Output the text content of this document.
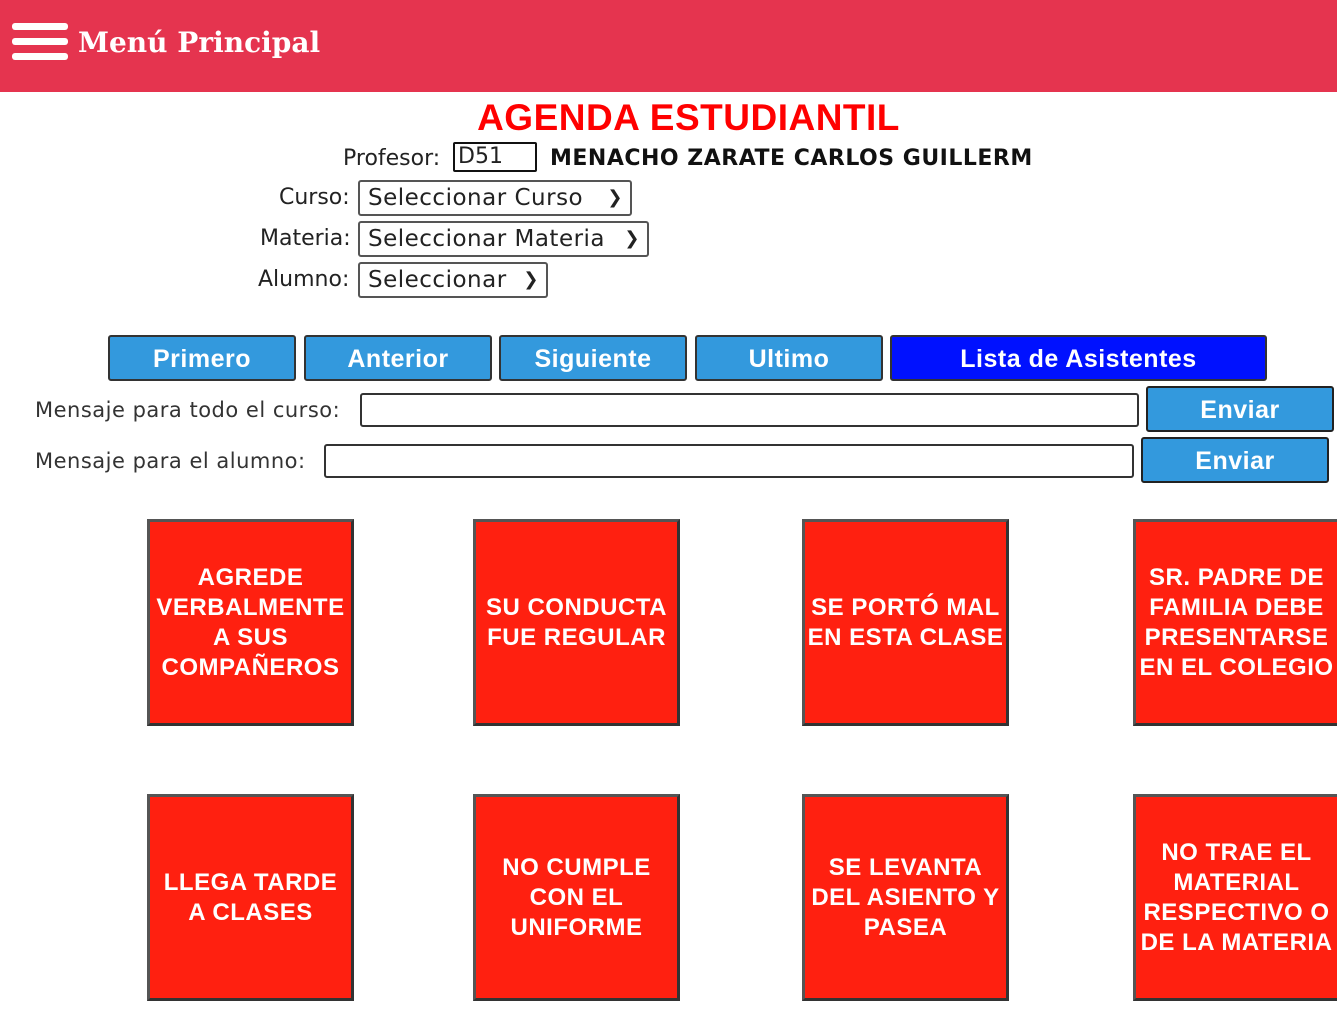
Menú Principal
AGENDA ESTUDIANTIL
Profesor: D51	MENACHO ZARATE CARLOS GUILLERM
Curso: Seleccionar Curso ❯
Materia: Seleccionar Materia ❯
Alumno: Seleccionar ❯
Primero	Anterior	Siguiente	Ultimo	Lista de Asistentes
Mensaje para todo el curso:	Enviar
Mensaje para el alumno:	Enviar
AGREDE VERBALMENTE A SUS COMPAÑEROS
SU CONDUCTA FUE REGULAR
SE PORTÓ MAL EN ESTA CLASE
SR. PADRE DE FAMILIA DEBE PRESENTARSE EN EL COLEGIO
LLEGA TARDE A CLASES
NO CUMPLE CON EL UNIFORME
SE LEVANTA DEL ASIENTO Y PASEA
NO TRAE EL MATERIAL RESPECTIVO O DE LA MATERIA
